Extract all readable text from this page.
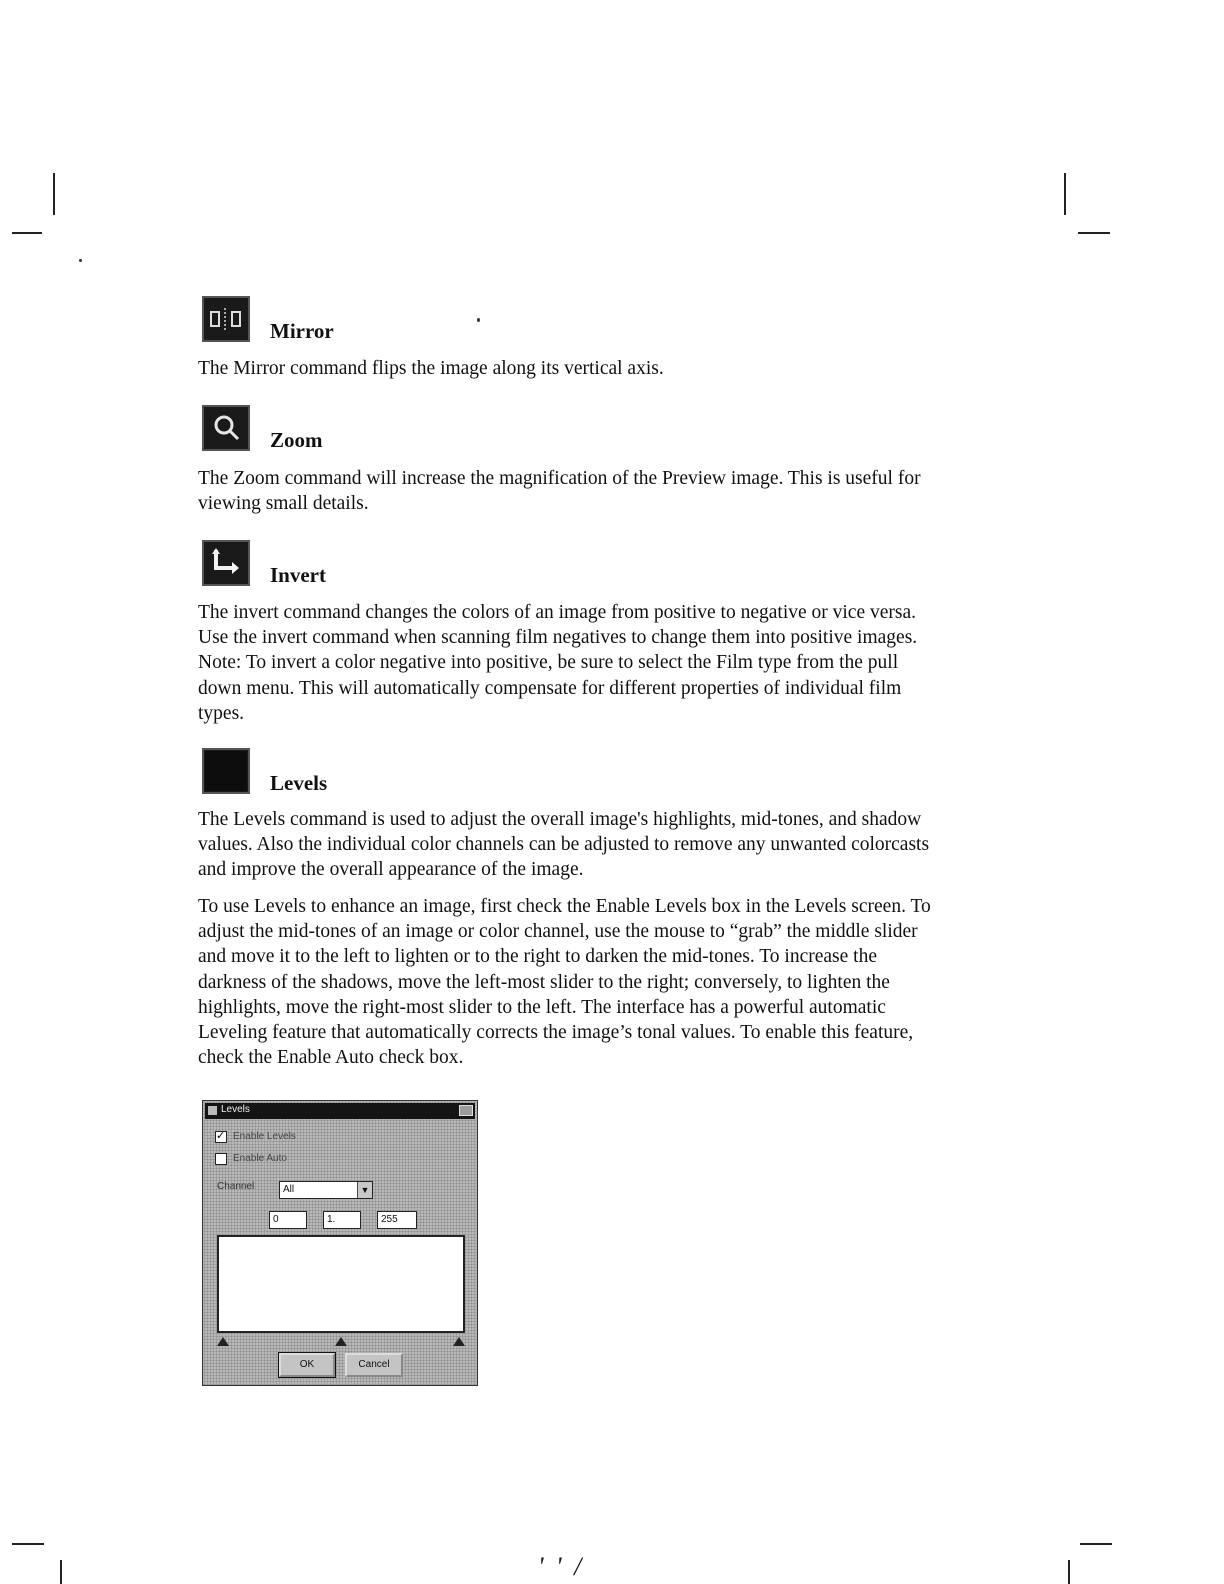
Mirror

The Mirror command flips the image along its vertical axis.

Zoom

The Zoom command will increase the magnification of the Preview image. This is useful for viewing small details.

Invert

The invert command changes the colors of an image from positive to negative or vice versa. Use the invert command when scanning film negatives to change them into positive images. Note: To invert a color negative into positive, be sure to select the Film type from the pull down menu. This will automatically compensate for different properties of individual film types.

Levels

The Levels command is used to adjust the overall image's highlights, mid-tones, and shadow values. Also the individual color channels can be adjusted to remove any unwanted colorcasts and improve the overall appearance of the image.

To use Levels to enhance an image, first check the Enable Levels box in the Levels screen. To adjust the mid-tones of an image or color channel, use the mouse to “grab” the middle slider and move it to the left to lighten or to the right to darken the mid-tones. To increase the darkness of the shadows, move the left-most slider to the right; conversely, to lighten the highlights, move the right-most slider to the left. The interface has a powerful automatic Leveling feature that automatically corrects the image’s tonal values. To enable this feature, check the Enable Auto check box.

Levels
✓
Enable Levels
Enable Auto
Channel	All	▼
0	1.	255
OK	Cancel
' ' /
